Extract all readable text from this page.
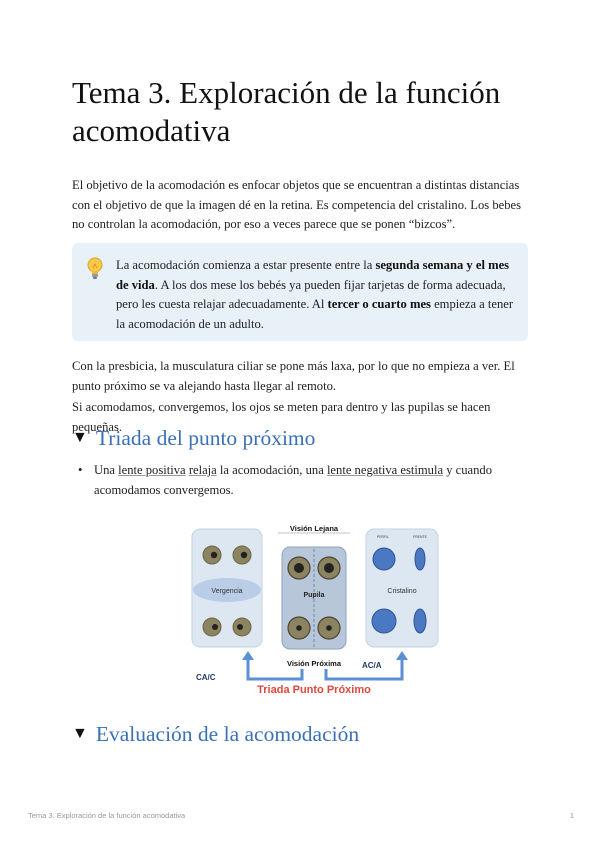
Tema 3. Exploración de la función acomodativa

El objetivo de la acomodación es enfocar objetos que se encuentran a distintas distancias con el objetivo de que la imagen dé en la retina. Es competencia del cristalino. Los bebes no controlan la acomodación, por eso a veces parece que se ponen “bizcos”.

La acomodación comienza a estar presente entre la segunda semana y el mes de vida. A los dos mese los bebés ya pueden fijar tarjetas de forma adecuada, pero les cuesta relajar adecuadamente. Al tercer o cuarto mes empieza a tener la acomodación de un adulto.

Con la presbicia, la musculatura ciliar se pone más laxa, por lo que no empieza a ver. El punto próximo se va alejando hasta llegar al remoto.

Si acomodamos, convergemos, los ojos se meten para dentro y las pupilas se hacen pequeñas.

▼ Triada del punto próximo

• Una lente positiva relaja la acomodación, una lente negativa estimula y cuando acomodamos convergemos.

Vergencia
Pupila
Visión Lejana
Visión Próxima
PERFIL	FRENTE
Cristalino
CA/C
AC/A
Triada Punto Próximo
▼ Evaluación de la acomodación
Tema 3. Exploración de la función acomodativa	1
